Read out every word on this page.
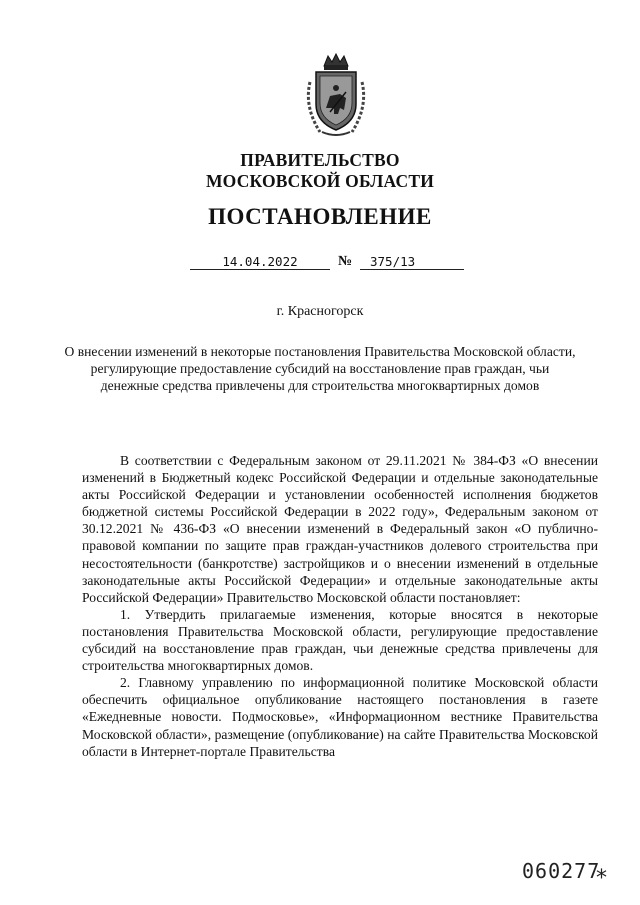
ПРАВИТЕЛЬСТВО
МОСКОВСКОЙ ОБЛАСТИ
ПОСТАНОВЛЕНИЕ
14.04.2022	№	375/13
г. Красногорск
О внесении изменений в некоторые постановления Правительства Московской области, регулирующие предоставление субсидий на восстановление прав граждан, чьи денежные средства привлечены для строительства многоквартирных домов

В соответствии с Федеральным законом от 29.11.2021 № 384-ФЗ «О внесении изменений в Бюджетный кодекс Российской Федерации и отдельные законодательные акты Российской Федерации и установлении особенностей исполнения бюджетов бюджетной системы Российской Федерации в 2022 году», Федеральным законом от 30.12.2021 № 436-ФЗ «О внесении изменений в Федеральный закон «О публично-правовой компании по защите прав граждан-участников долевого строительства при несостоятельности (банкротстве) застройщиков и о внесении изменений в отдельные законодательные акты Российской Федерации» и отдельные законодательные акты Российской Федерации» Правительство Московской области постановляет:

1. Утвердить прилагаемые изменения, которые вносятся в некоторые постановления Правительства Московской области, регулирующие предоставление субсидий на восстановление прав граждан, чьи денежные средства привлечены для строительства многоквартирных домов.

2. Главному управлению по информационной политике Московской области обеспечить официальное опубликование настоящего постановления в газете «Ежедневные новости. Подмосковье», «Информационном вестнике Правительства Московской области», размещение (опубликование) на сайте Правительства Московской области в Интернет-портале Правительства

060277
*
